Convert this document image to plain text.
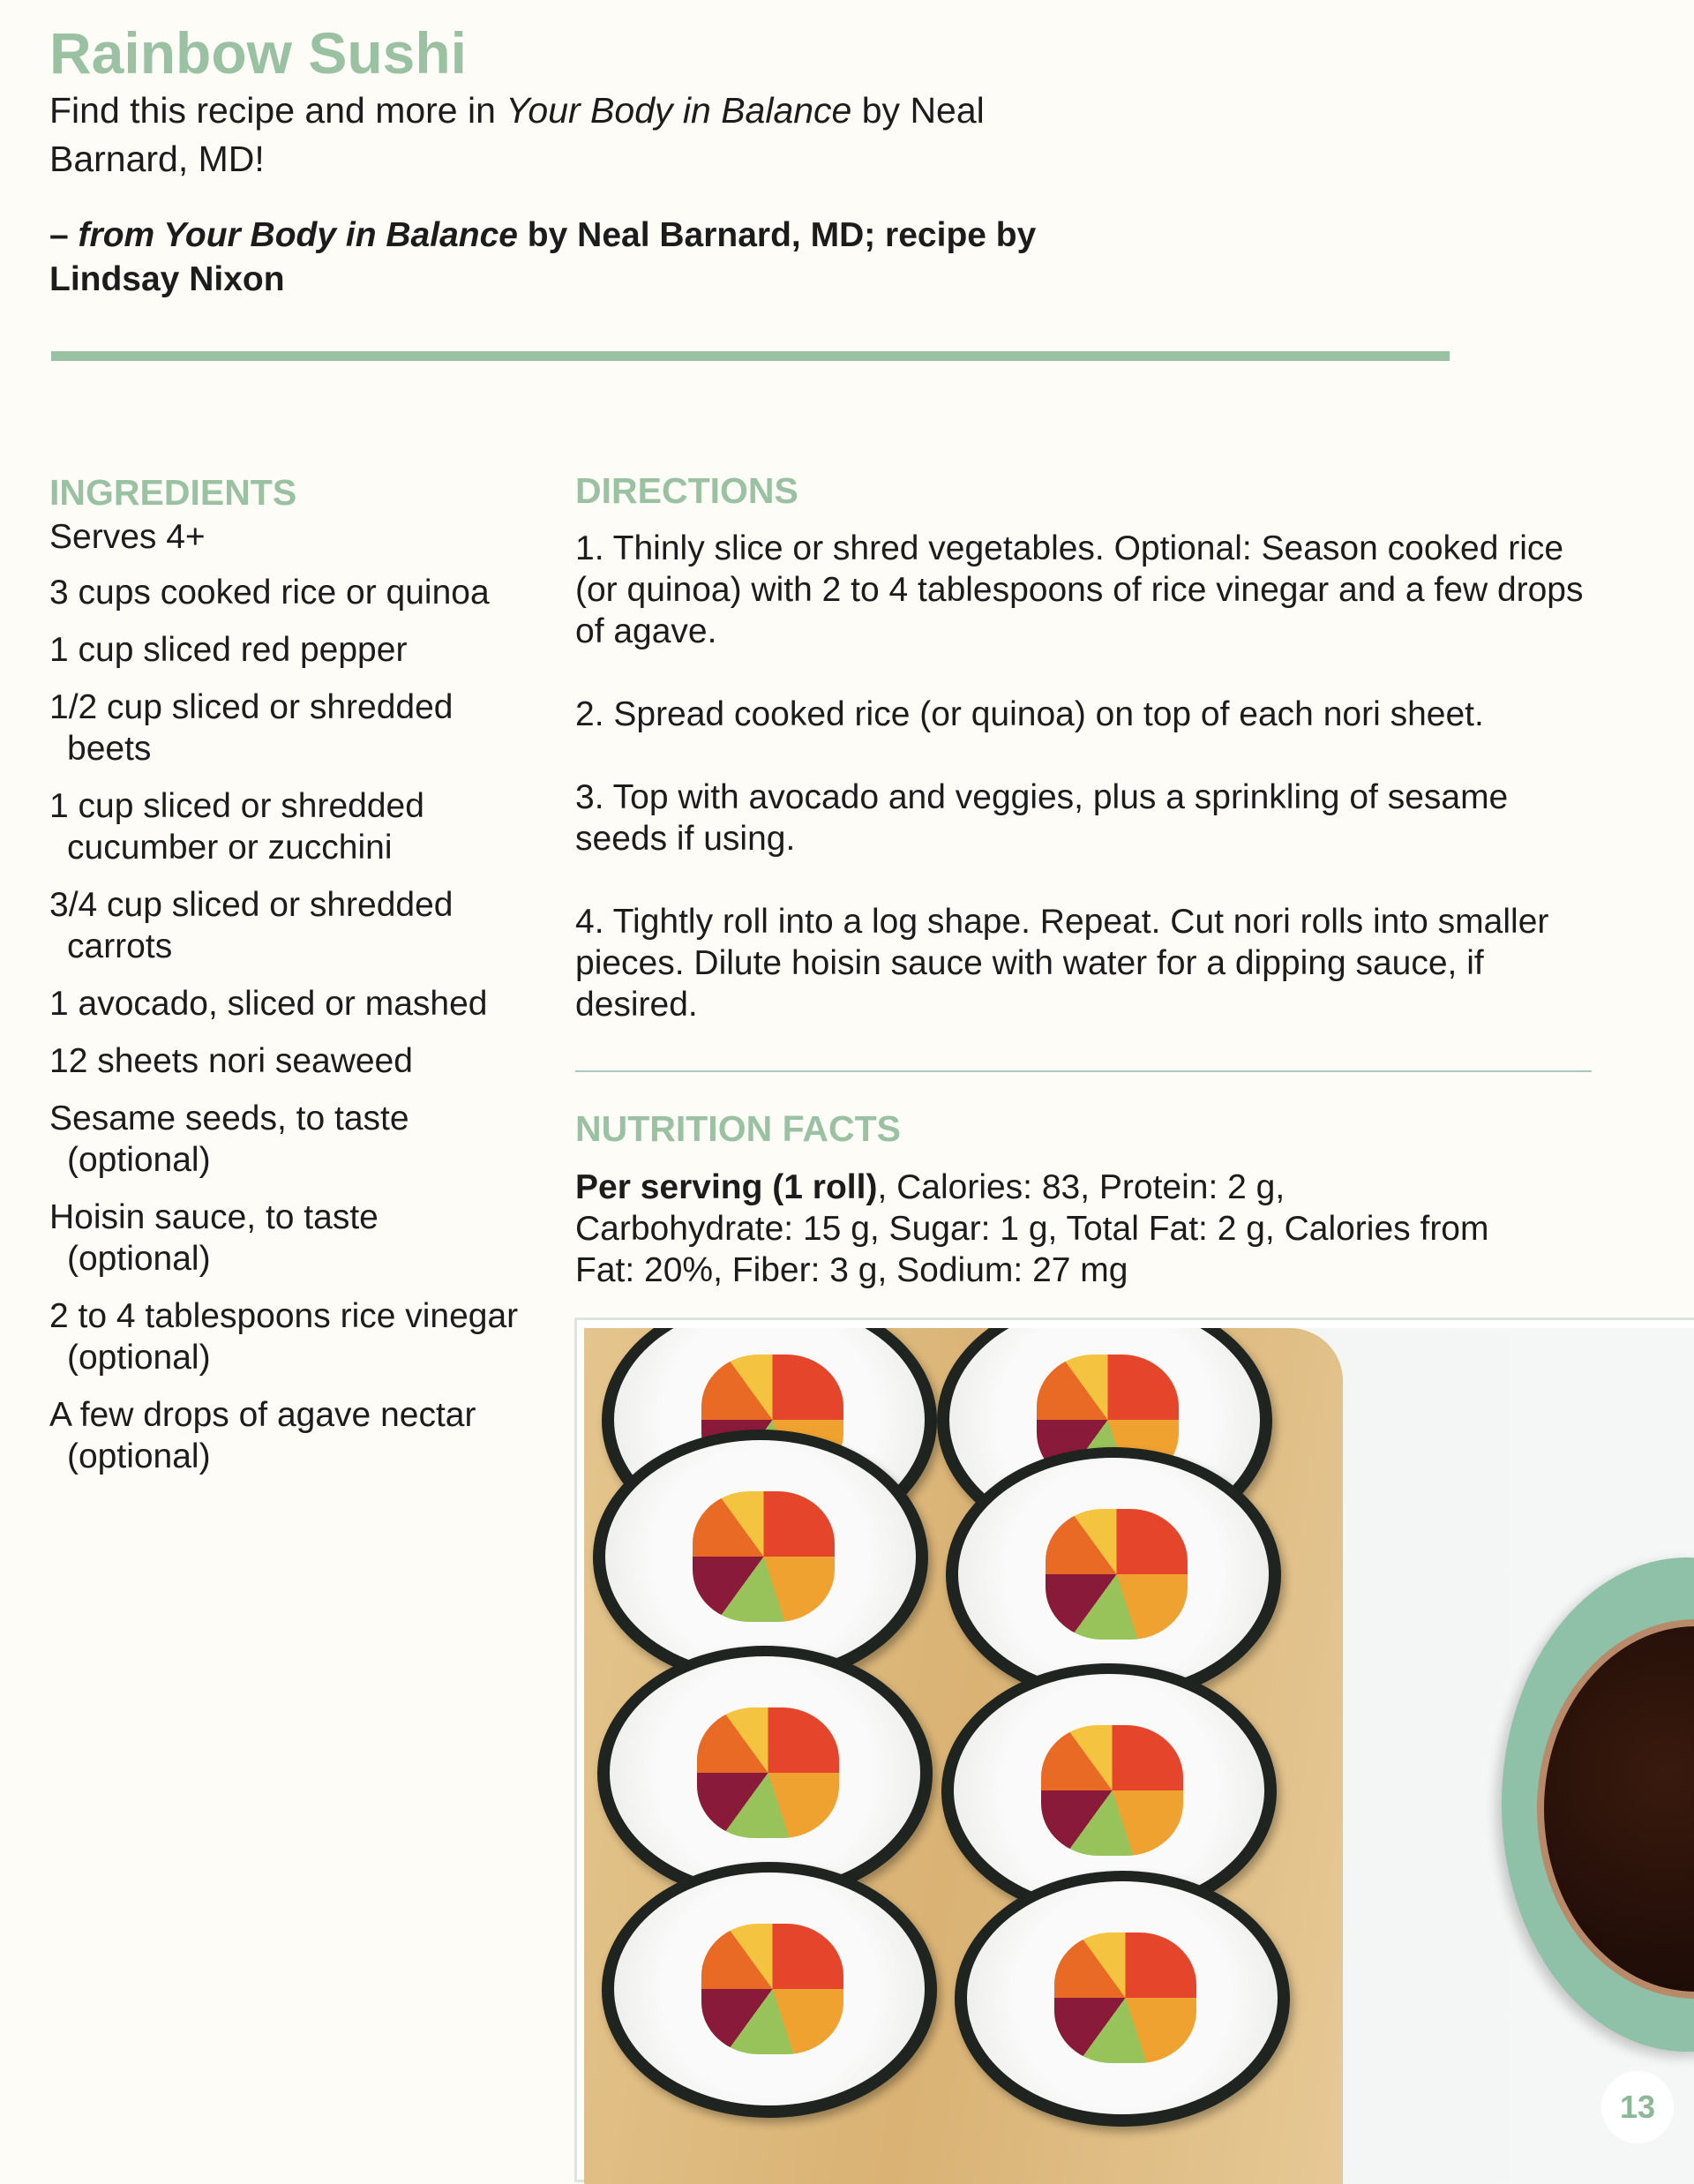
Rainbow Sushi
Find this recipe and more in Your Body in Balance by Neal Barnard, MD!
– from Your Body in Balance by Neal Barnard, MD; recipe by Lindsay Nixon
INGREDIENTS
Serves 4+
3 cups cooked rice or quinoa
1 cup sliced red pepper
1/2 cup sliced or shredded beets
1 cup sliced or shredded cucumber or zucchini
3/4 cup sliced or shredded carrots
1 avocado, sliced or mashed
12 sheets nori seaweed
Sesame seeds, to taste (optional)
Hoisin sauce, to taste (optional)
2 to 4 tablespoons rice vinegar (optional)
A few drops of agave nectar (optional)
DIRECTIONS

1. Thinly slice or shred vegetables. Optional: Season cooked rice (or quinoa) with 2 to 4 tablespoons of rice vinegar and a few drops of agave.

2. Spread cooked rice (or quinoa) on top of each nori sheet.

3. Top with avocado and veggies, plus a sprinkling of sesame seeds if using.

4. Tightly roll into a log shape. Repeat. Cut nori rolls into smaller pieces. Dilute hoisin sauce with water for a dipping sauce, if desired.

NUTRITION FACTS
Per serving (1 roll), Calories: 83, Protein: 2 g, Carbohydrate: 15 g, Sugar: 1 g, Total Fat: 2 g, Calories from Fat: 20%, Fiber: 3 g, Sodium: 27 mg
13
